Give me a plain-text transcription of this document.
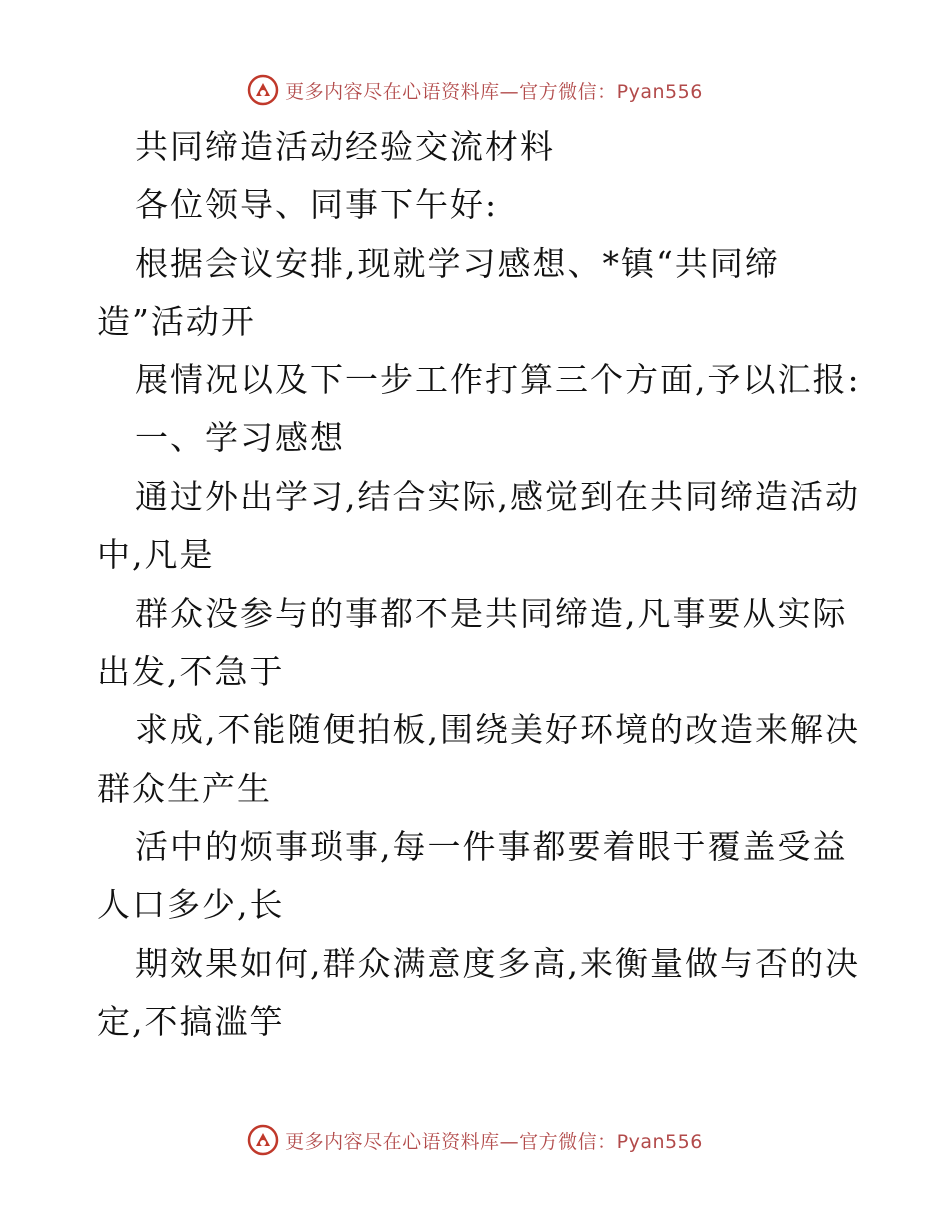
更多内容尽在心语资料库—官方微信：Pyan556
共同缔造活动经验交流材料
各位领导、同事下午好:
根据会议安排,现就学习感想、*镇“共同缔
造”活动开
展情况以及下一步工作打算三个方面,予以汇报:
一、学习感想
通过外出学习,结合实际,感觉到在共同缔造活动
中,凡是
群众没参与的事都不是共同缔造,凡事要从实际
出发,不急于
求成,不能随便拍板,围绕美好环境的改造来解决
群众生产生
活中的烦事琐事,每一件事都要着眼于覆盖受益
人口多少,长
期效果如何,群众满意度多高,来衡量做与否的决
定,不搞滥竽
更多内容尽在心语资料库—官方微信：Pyan556
